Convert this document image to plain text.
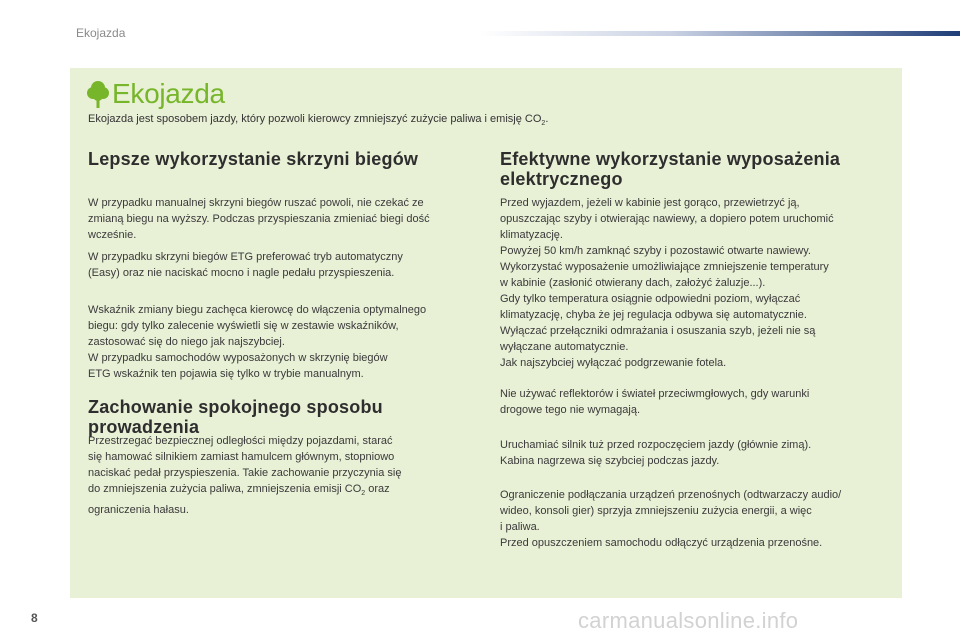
Ekojazda
Ekojazda
Ekojazda jest sposobem jazdy, który pozwoli kierowcy zmniejszyć zużycie paliwa i emisję $CO_2$.
Lepsze wykorzystanie skrzyni biegów

W przypadku manualnej skrzyni biegów ruszać powoli, nie czekać ze
zmianą biegu na wyższy. Podczas przyspieszania zmieniać biegi dość
wcześnie.

W przypadku skrzyni biegów ETG preferować tryb automatyczny
(Easy) oraz nie naciskać mocno i nagle pedału przyspieszenia.

Wskaźnik zmiany biegu zachęca kierowcę do włączenia optymalnego
biegu: gdy tylko zalecenie wyświetli się w zestawie wskaźników,
zastosować się do niego jak najszybciej.
W przypadku samochodów wyposażonych w skrzynię biegów
ETG wskaźnik ten pojawia się tylko w trybie manualnym.

Zachowanie spokojnego sposobu
prowadzenia

Przestrzegać bezpiecznej odległości między pojazdami, starać
się hamować silnikiem zamiast hamulcem głównym, stopniowo
naciskać pedał przyspieszenia. Takie zachowanie przyczynia się
do zmniejszenia zużycia paliwa, zmniejszenia emisji $CO_2$ oraz
ograniczenia hałasu.

Efektywne wykorzystanie wyposażenia
elektrycznego

Przed wyjazdem, jeżeli w kabinie jest gorąco, przewietrzyć ją,
opuszczając szyby i otwierając nawiewy, a dopiero potem uruchomić
klimatyzację.
Powyżej 50 km/h zamknąć szyby i pozostawić otwarte nawiewy.
Wykorzystać wyposażenie umożliwiające zmniejszenie temperatury
w kabinie (zasłonić otwierany dach, założyć żaluzje...).
Gdy tylko temperatura osiągnie odpowiedni poziom, wyłączać
klimatyzację, chyba że jej regulacja odbywa się automatycznie.
Wyłączać przełączniki odmrażania i osuszania szyb, jeżeli nie są
wyłączane automatycznie.
Jak najszybciej wyłączać podgrzewanie fotela.

Nie używać reflektorów i świateł przeciwmgłowych, gdy warunki
drogowe tego nie wymagają.

Uruchamiać silnik tuż przed rozpoczęciem jazdy (głównie zimą).
Kabina nagrzewa się szybciej podczas jazdy.

Ograniczenie podłączania urządzeń przenośnych (odtwarzaczy audio/
wideo, konsoli gier) sprzyja zmniejszeniu zużycia energii, a więc
i paliwa.
Przed opuszczeniem samochodu odłączyć urządzenia przenośne.

8	carmanualsonline.info
